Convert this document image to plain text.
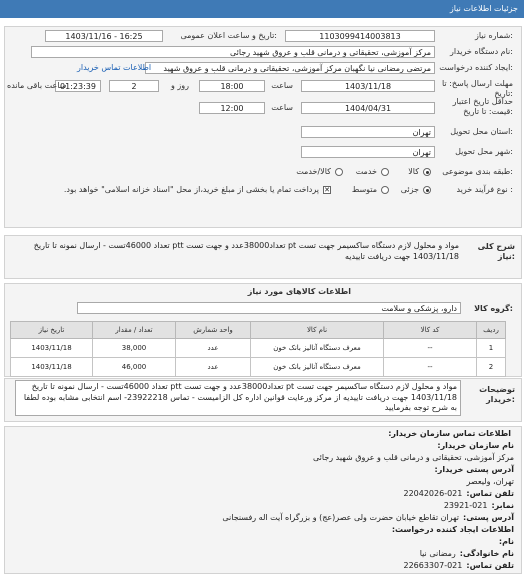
جزئیات اطلاعات نیاز
شماره نیاز:
1103099414003813
تاریخ و ساعت اعلان عمومی:
1403/11/16 - 16:25
نام دستگاه خریدار:
مرکز آموزشی، تحقیقاتی و درمانی قلب و عروق شهید رجائی
ایجاد کننده درخواست:
مرتضی رمضانی نیا نگهبان مرکز آموزشی، تحقیقاتی و درمانی قلب و عروق شهید
اطلاعات تماس خریدار
مهلت ارسال پاسخ: تا تاریخ:
1403/11/18
ساعت
18:00
روز و
2
01:23:39
ساعت باقی مانده
حداقل تاریخ اعتبار قیمت: تا تاریخ:
1404/04/31
ساعت
12:00
استان محل تحویل:
تهران
شهر محل تحویل:
تهران
طبقه بندی موضوعی:
کالا
خدمت
کالا/خدمت
نوع فرآیند خرید :
جزئی
متوسط
✕
پرداخت تمام یا بخشی از مبلغ خرید،از محل "اسناد خزانه اسلامی" خواهد بود.
شرح کلی نیاز:
مواد و محلول لازم دستگاه ساکسیمر جهت تست pt تعداد38000عدد و جهت تست ptt تعداد 46000تست - ارسال نمونه تا تاریخ 1403/11/18 جهت دریافت تاییدیه
اطلاعات کالاهای مورد نیاز
گروه کالا:
دارو، پزشکی و سلامت
ردیف	کد کالا	نام کالا	واحد شمارش	تعداد / مقدار	تاریخ نیاز
1	--	معرف دستگاه آنالیز بانک خون	عدد	38,000	1403/11/18
2	--	معرف دستگاه آنالیز بانک خون	عدد	46,000	1403/11/18
توضیحات خریدار:
مواد و محلول لازم دستگاه ساکسیمر جهت تست pt تعداد38000عدد و جهت تست ptt تعداد 46000تست - ارسال نمونه تا تاریخ 1403/11/18 جهت دریافت تاییدیه از مرکز ورعایت قوانین اداره کل الزامیست - تماس 23922218- اسم انتخابی مشابه بوده لطفا به شرح توجه بفرمایید
اطلاعات تماس سازمان خریدار:
نام سازمان خریدار:
مرکز آموزشی، تحقیقاتی و درمانی قلب و عروق شهید رجائی
آدرس پستی خریدار:
تهران، ولیعصر
تلفن تماس:021-22042026
نمابر:021-23921
آدرس پستی:تهران تقاطع خیابان حضرت ولی عصر(عج) و بزرگراه آیت اله رفسنجانی
اطلاعات ایجاد کننده درخواست:
نام:
نام خانوادگی:رمضانی نیا
تلفن تماس:021-22663307
